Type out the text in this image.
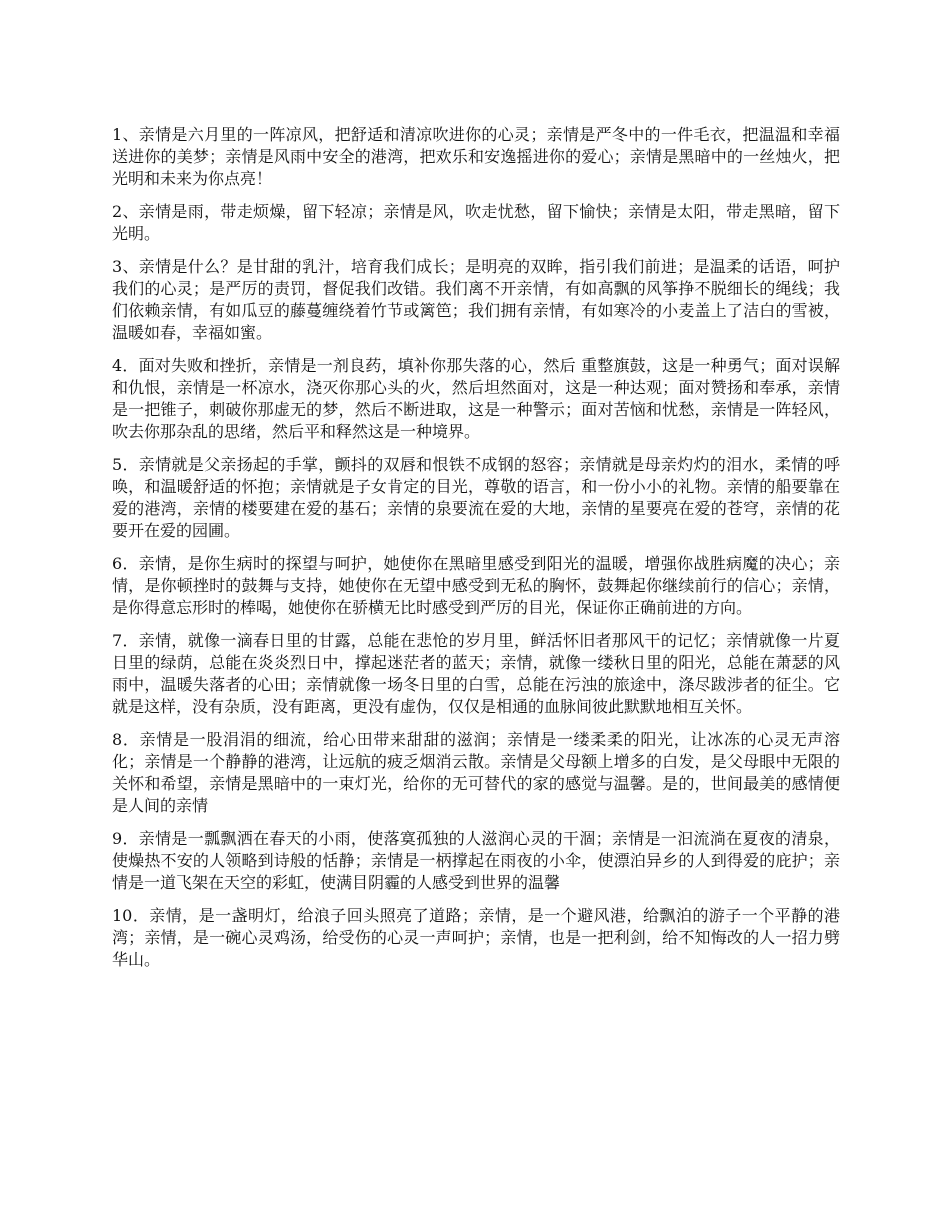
1、亲情是六月里的一阵凉风，把舒适和清凉吹进你的心灵；亲情是严冬中的一件毛衣，把温温和幸福送进你的美梦；亲情是风雨中安全的港湾，把欢乐和安逸摇进你的爱心；亲情是黑暗中的一丝烛火，把光明和未来为你点亮！

2、亲情是雨，带走烦燥，留下轻凉；亲情是风，吹走忧愁，留下愉快；亲情是太阳，带走黑暗，留下光明。

3、亲情是什么？是甘甜的乳汁，培育我们成长；是明亮的双眸，指引我们前进；是温柔的话语，呵护我们的心灵；是严厉的责罚，督促我们改错。我们离不开亲情，有如高飘的风筝挣不脱细长的绳线；我们依赖亲情，有如瓜豆的藤蔓缠绕着竹节或篱笆；我们拥有亲情，有如寒冷的小麦盖上了洁白的雪被，温暖如春，幸福如蜜。

4．面对失败和挫折，亲情是一剂良药，填补你那失落的心，然后 重整旗鼓，这是一种勇气；面对误解和仇恨，亲情是一杯凉水，浇灭你那心头的火，然后坦然面对，这是一种达观；面对赞扬和奉承，亲情是一把锥子，刺破你那虚无的梦，然后不断进取，这是一种警示；面对苦恼和忧愁，亲情是一阵轻风，吹去你那杂乱的思绪，然后平和释然这是一种境界。

5．亲情就是父亲扬起的手掌，颤抖的双唇和恨铁不成钢的怒容；亲情就是母亲灼灼的泪水，柔情的呼唤，和温暖舒适的怀抱；亲情就是子女肯定的目光，尊敬的语言，和一份小小的礼物。亲情的船要靠在爱的港湾，亲情的楼要建在爱的基石；亲情的泉要流在爱的大地，亲情的星要亮在爱的苍穹，亲情的花要开在爱的园圃。

6．亲情，是你生病时的探望与呵护，她使你在黑暗里感受到阳光的温暖，增强你战胜病魔的决心；亲情，是你顿挫时的鼓舞与支持，她使你在无望中感受到无私的胸怀，鼓舞起你继续前行的信心；亲情，是你得意忘形时的棒喝，她使你在骄横无比时感受到严厉的目光，保证你正确前进的方向。

7．亲情，就像一滴春日里的甘露，总能在悲怆的岁月里，鲜活怀旧者那风干的记忆；亲情就像一片夏日里的绿荫，总能在炎炎烈日中，撑起迷茫者的蓝天；亲情，就像一缕秋日里的阳光，总能在萧瑟的风雨中，温暖失落者的心田；亲情就像一场冬日里的白雪，总能在污浊的旅途中，涤尽跋涉者的征尘。它就是这样，没有杂质，没有距离，更没有虚伪，仅仅是相通的血脉间彼此默默地相互关怀。

8．亲情是一股涓涓的细流，给心田带来甜甜的滋润；亲情是一缕柔柔的阳光，让冰冻的心灵无声溶化；亲情是一个静静的港湾，让远航的疲乏烟消云散。亲情是父母额上增多的白发，是父母眼中无限的关怀和希望，亲情是黑暗中的一束灯光，给你的无可替代的家的感觉与温馨。是的，世间最美的感情便是人间的亲情

9．亲情是一瓢飘洒在春天的小雨，使落寞孤独的人滋润心灵的干涸；亲情是一汩流淌在夏夜的清泉，使燥热不安的人领略到诗般的恬静；亲情是一柄撑起在雨夜的小伞，使漂泊异乡的人到得爱的庇护；亲情是一道飞架在天空的彩虹，使满目阴霾的人感受到世界的温馨

10．亲情，是一盏明灯，给浪子回头照亮了道路；亲情，是一个避风港，给飘泊的游子一个平静的港湾；亲情，是一碗心灵鸡汤，给受伤的心灵一声呵护；亲情，也是一把利剑，给不知悔改的人一招力劈华山。
